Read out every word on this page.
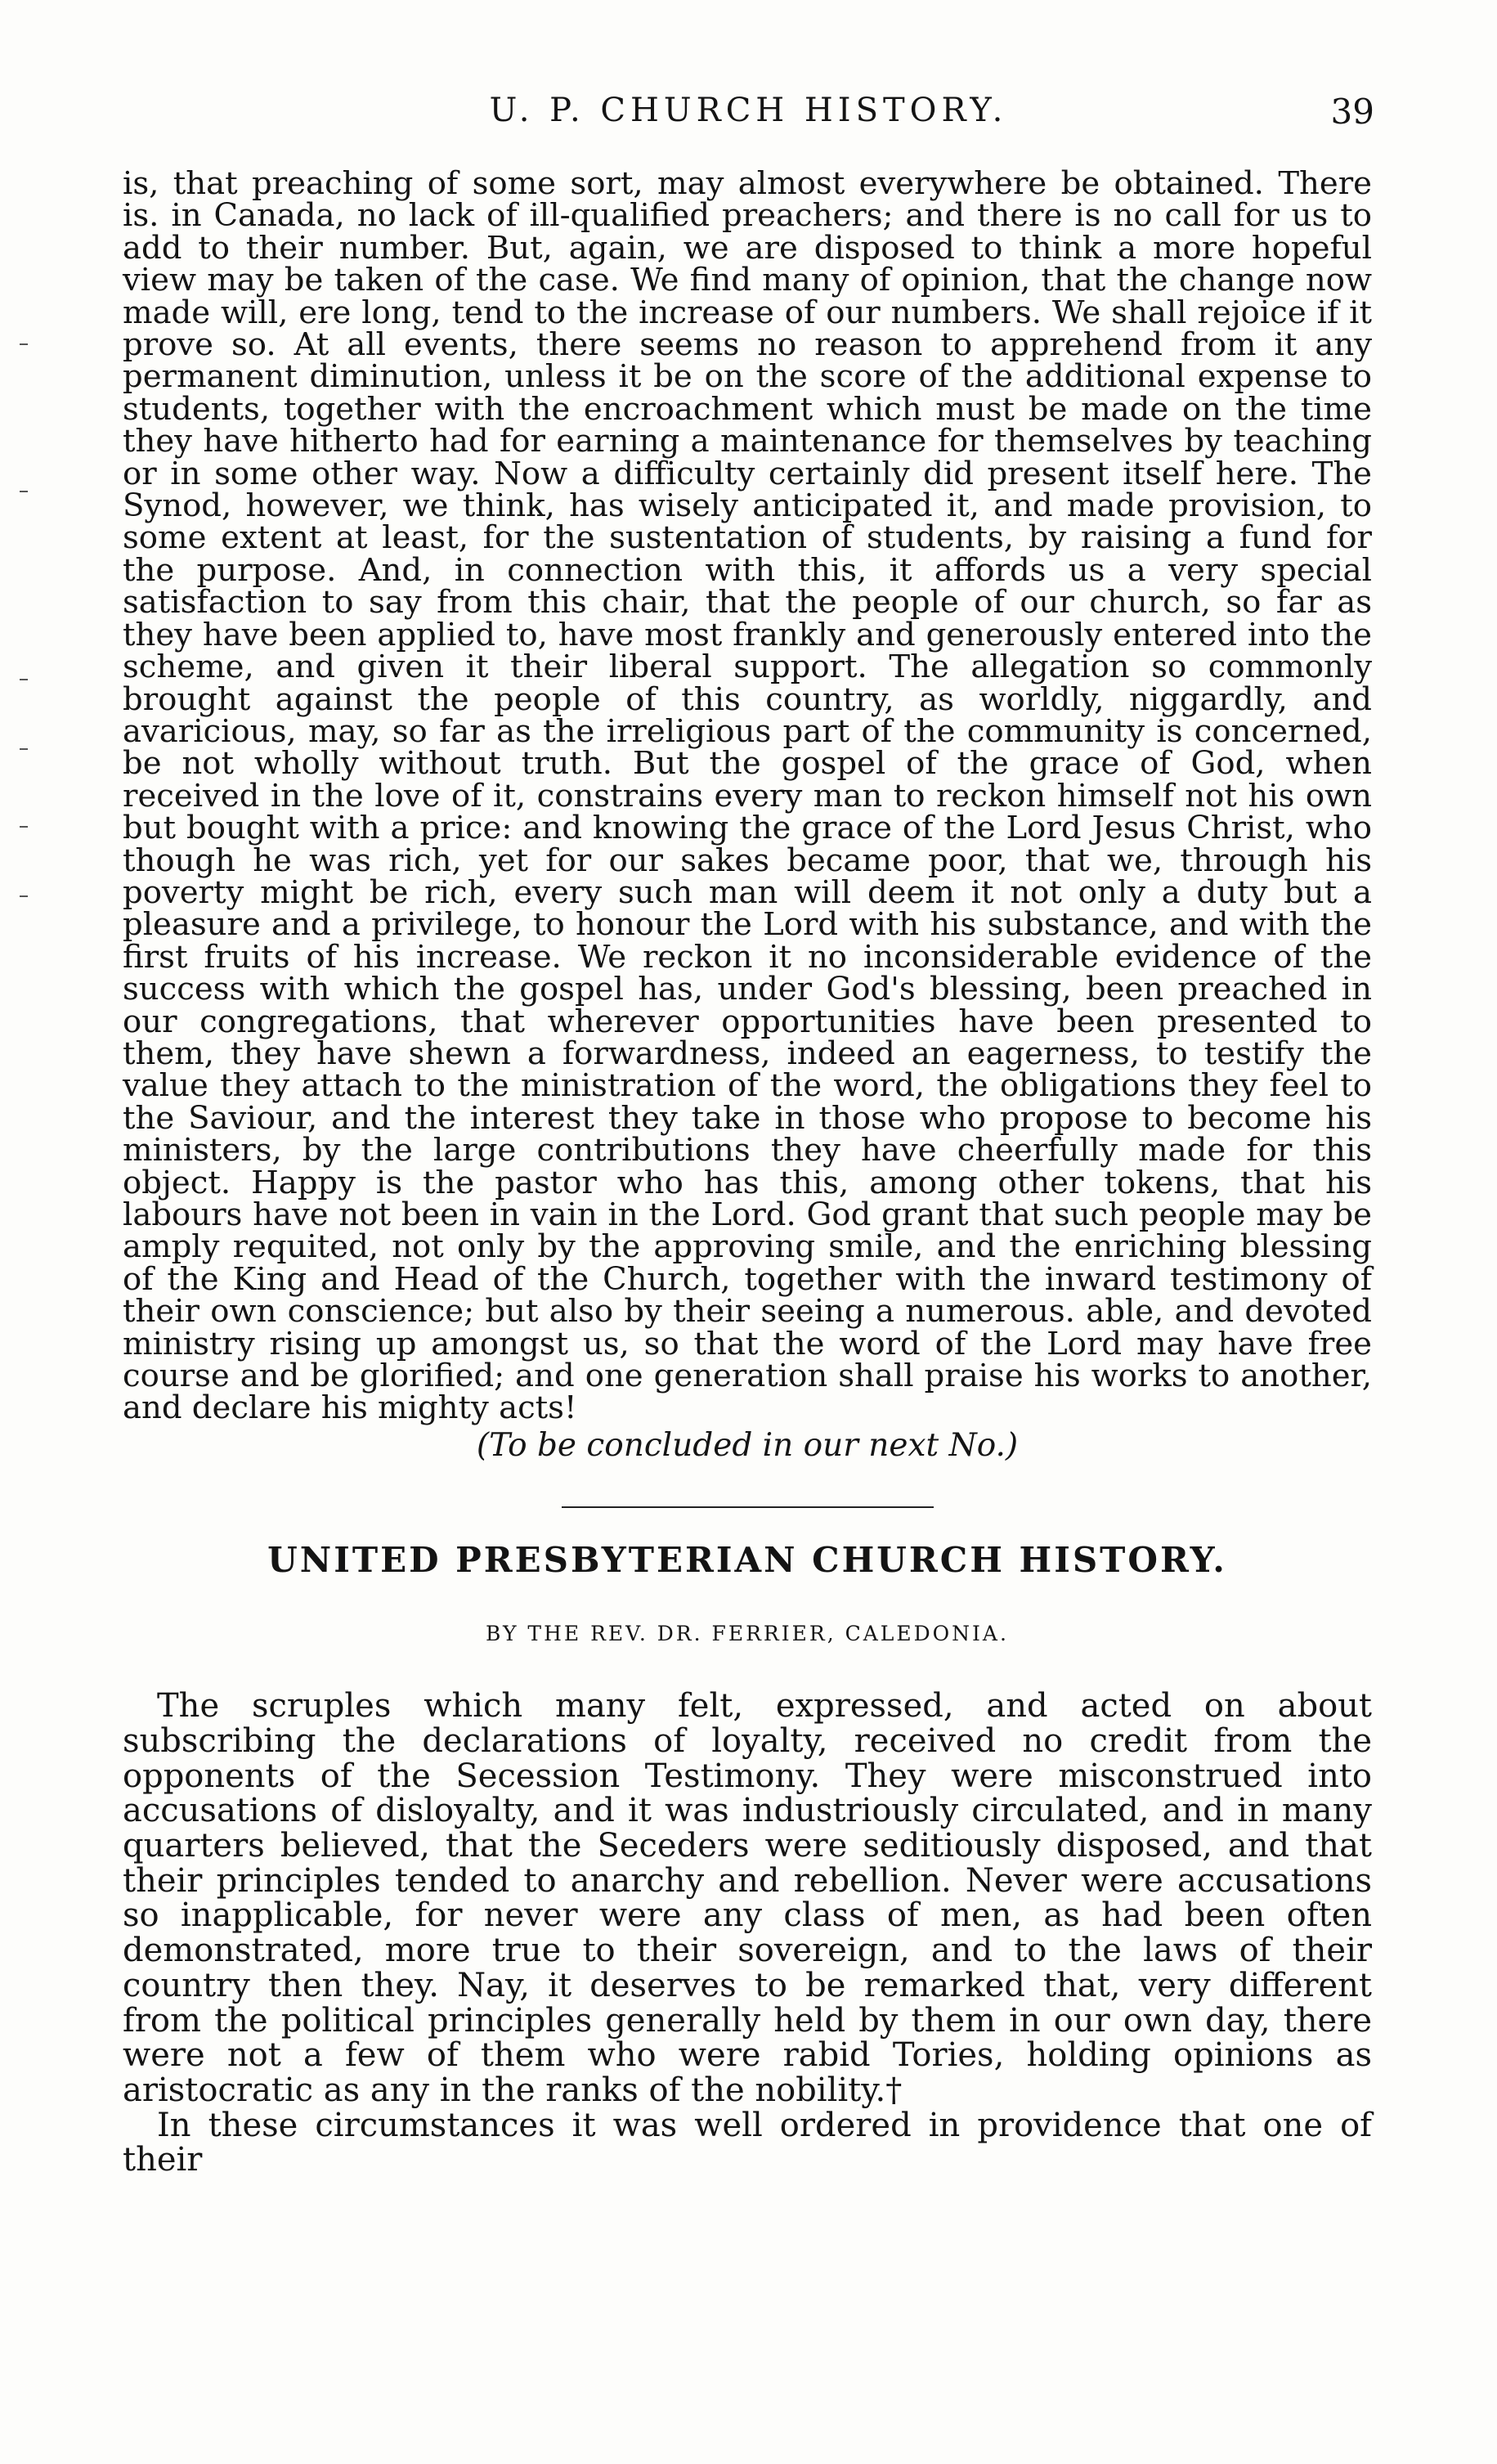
U. P. CHURCH HISTORY.	39

is, that preaching of some sort, may almost everywhere be obtained. There is. in Canada, no lack of ill-qualified preachers; and there is no call for us to add to their number. But, again, we are disposed to think a more hopeful view may be taken of the case. We find many of opinion, that the change now made will, ere long, tend to the increase of our numbers. We shall rejoice if it prove so. At all events, there seems no reason to apprehend from it any permanent diminution, unless it be on the score of the additional expense to students, together with the encroachment which must be made on the time they have hitherto had for earning a maintenance for themselves by teaching or in some other way. Now a difficulty certainly did present itself here. The Synod, however, we think, has wisely anticipated it, and made provision, to some extent at least, for the sustentation of students, by raising a fund for the purpose. And, in connection with this, it affords us a very special satisfaction to say from this chair, that the people of our church, so far as they have been applied to, have most frankly and generously entered into the scheme, and given it their liberal support. The allegation so commonly brought against the people of this country, as worldly, niggardly, and avaricious, may, so far as the irreligious part of the community is concerned, be not wholly without truth. But the gospel of the grace of God, when received in the love of it, constrains every man to reckon himself not his own but bought with a price: and knowing the grace of the Lord Jesus Christ, who though he was rich, yet for our sakes became poor, that we, through his poverty might be rich, every such man will deem it not only a duty but a pleasure and a privilege, to honour the Lord with his substance, and with the first fruits of his increase. We reckon it no inconsiderable evidence of the success with which the gospel has, under God's blessing, been preached in our congregations, that wherever opportunities have been presented to them, they have shewn a forwardness, indeed an eagerness, to testify the value they attach to the ministration of the word, the obligations they feel to the Saviour, and the interest they take in those who propose to become his ministers, by the large contributions they have cheerfully made for this object. Happy is the pastor who has this, among other tokens, that his labours have not been in vain in the Lord. God grant that such people may be amply requited, not only by the approving smile, and the enriching blessing of the King and Head of the Church, together with the inward testimony of their own conscience; but also by their seeing a numerous. able, and devoted ministry rising up amongst us, so that the word of the Lord may have free course and be glorified; and one generation shall praise his works to another, and declare his mighty acts!

(To be concluded in our next No.)

UNITED PRESBYTERIAN CHURCH HISTORY.
BY THE REV. DR. FERRIER, CALEDONIA.

The scruples which many felt, expressed, and acted on about subscribing the declarations of loyalty, received no credit from the opponents of the Secession Testimony. They were misconstrued into accusations of disloyalty, and it was industriously circulated, and in many quarters believed, that the Seceders were seditiously disposed, and that their principles tended to anarchy and rebellion. Never were accusations so inapplicable, for never were any class of men, as had been often demonstrated, more true to their sovereign, and to the laws of their country then they. Nay, it deserves to be remarked that, very different from the political principles generally held by them in our own day, there were not a few of them who were rabid Tories, holding opinions as aristocratic as any in the ranks of the nobility.†

In these circumstances it was well ordered in providence that one of their
